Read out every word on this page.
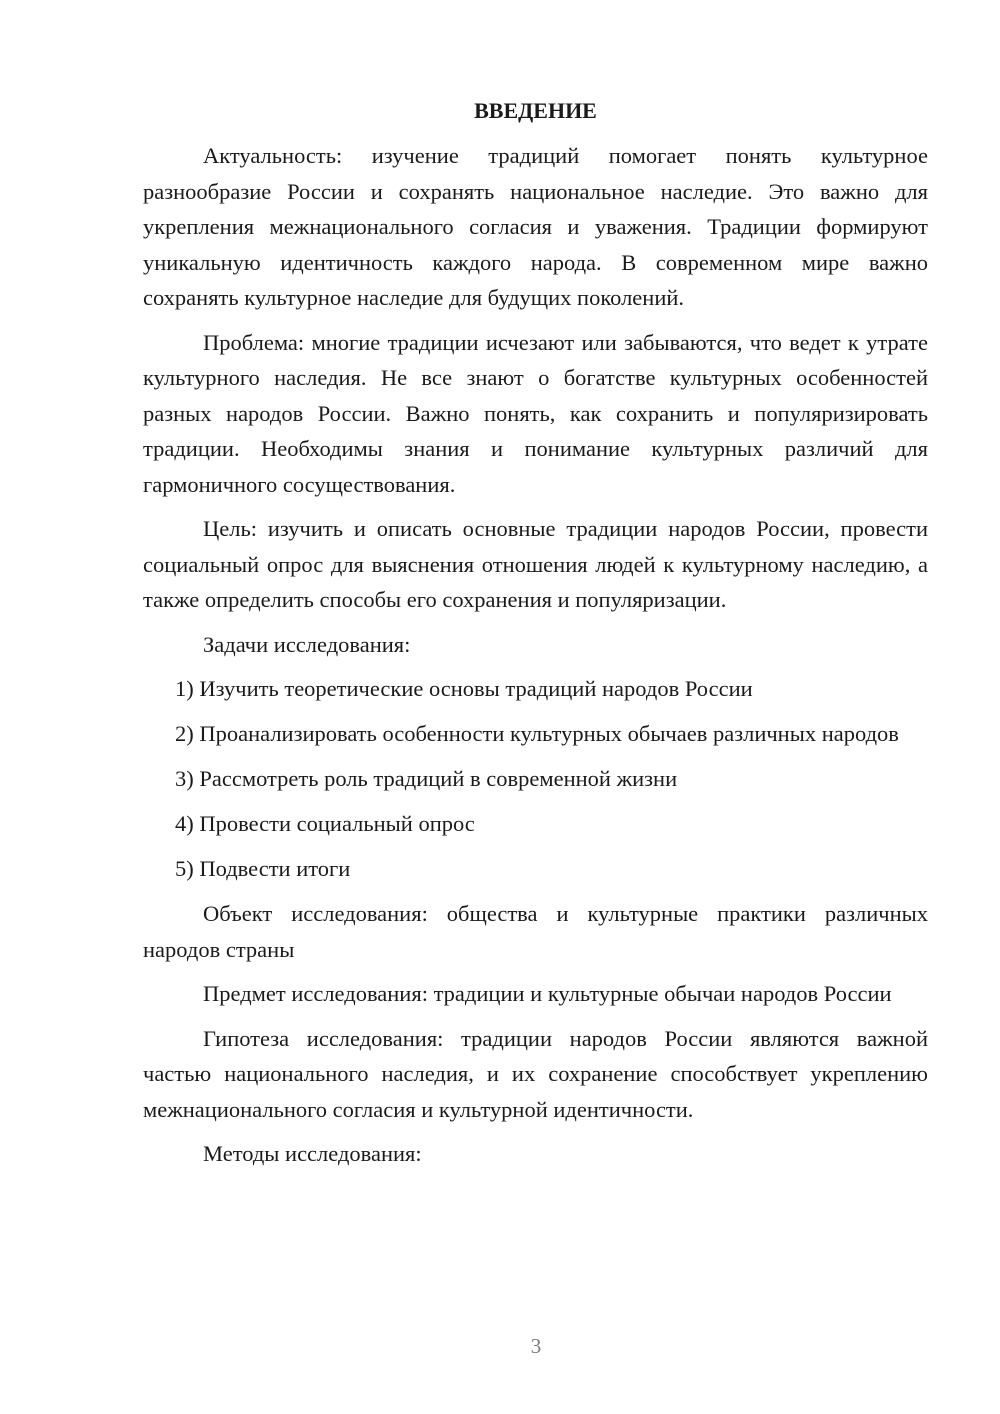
ВВЕДЕНИЕ

Актуальность: изучение традиций помогает понять культурное разнообразие России и сохранять национальное наследие. Это важно для укрепления межнационального согласия и уважения. Традиции формируют уникальную идентичность каждого народа. В современном мире важно сохранять культурное наследие для будущих поколений.

Проблема: многие традиции исчезают или забываются, что ведет к утрате культурного наследия. Не все знают о богатстве культурных особенностей разных народов России. Важно понять, как сохранить и популяризировать традиции. Необходимы знания и понимание культурных различий для гармоничного сосуществования.

Цель: изучить и описать основные традиции народов России, провести социальный опрос для выяснения отношения людей к культурному наследию, а также определить способы его сохранения и популяризации.

Задачи исследования:

1) Изучить теоретические основы традиций народов России

2) Проанализировать особенности культурных обычаев различных народов

3) Рассмотреть роль традиций в современной жизни

4) Провести социальный опрос

5) Подвести итоги

Объект исследования: общества и культурные практики различных народов страны

Предмет исследования: традиции и культурные обычаи народов России

Гипотеза исследования: традиции народов России являются важной частью национального наследия, и их сохранение способствует укреплению межнационального согласия и культурной идентичности.

Методы исследования:

3
